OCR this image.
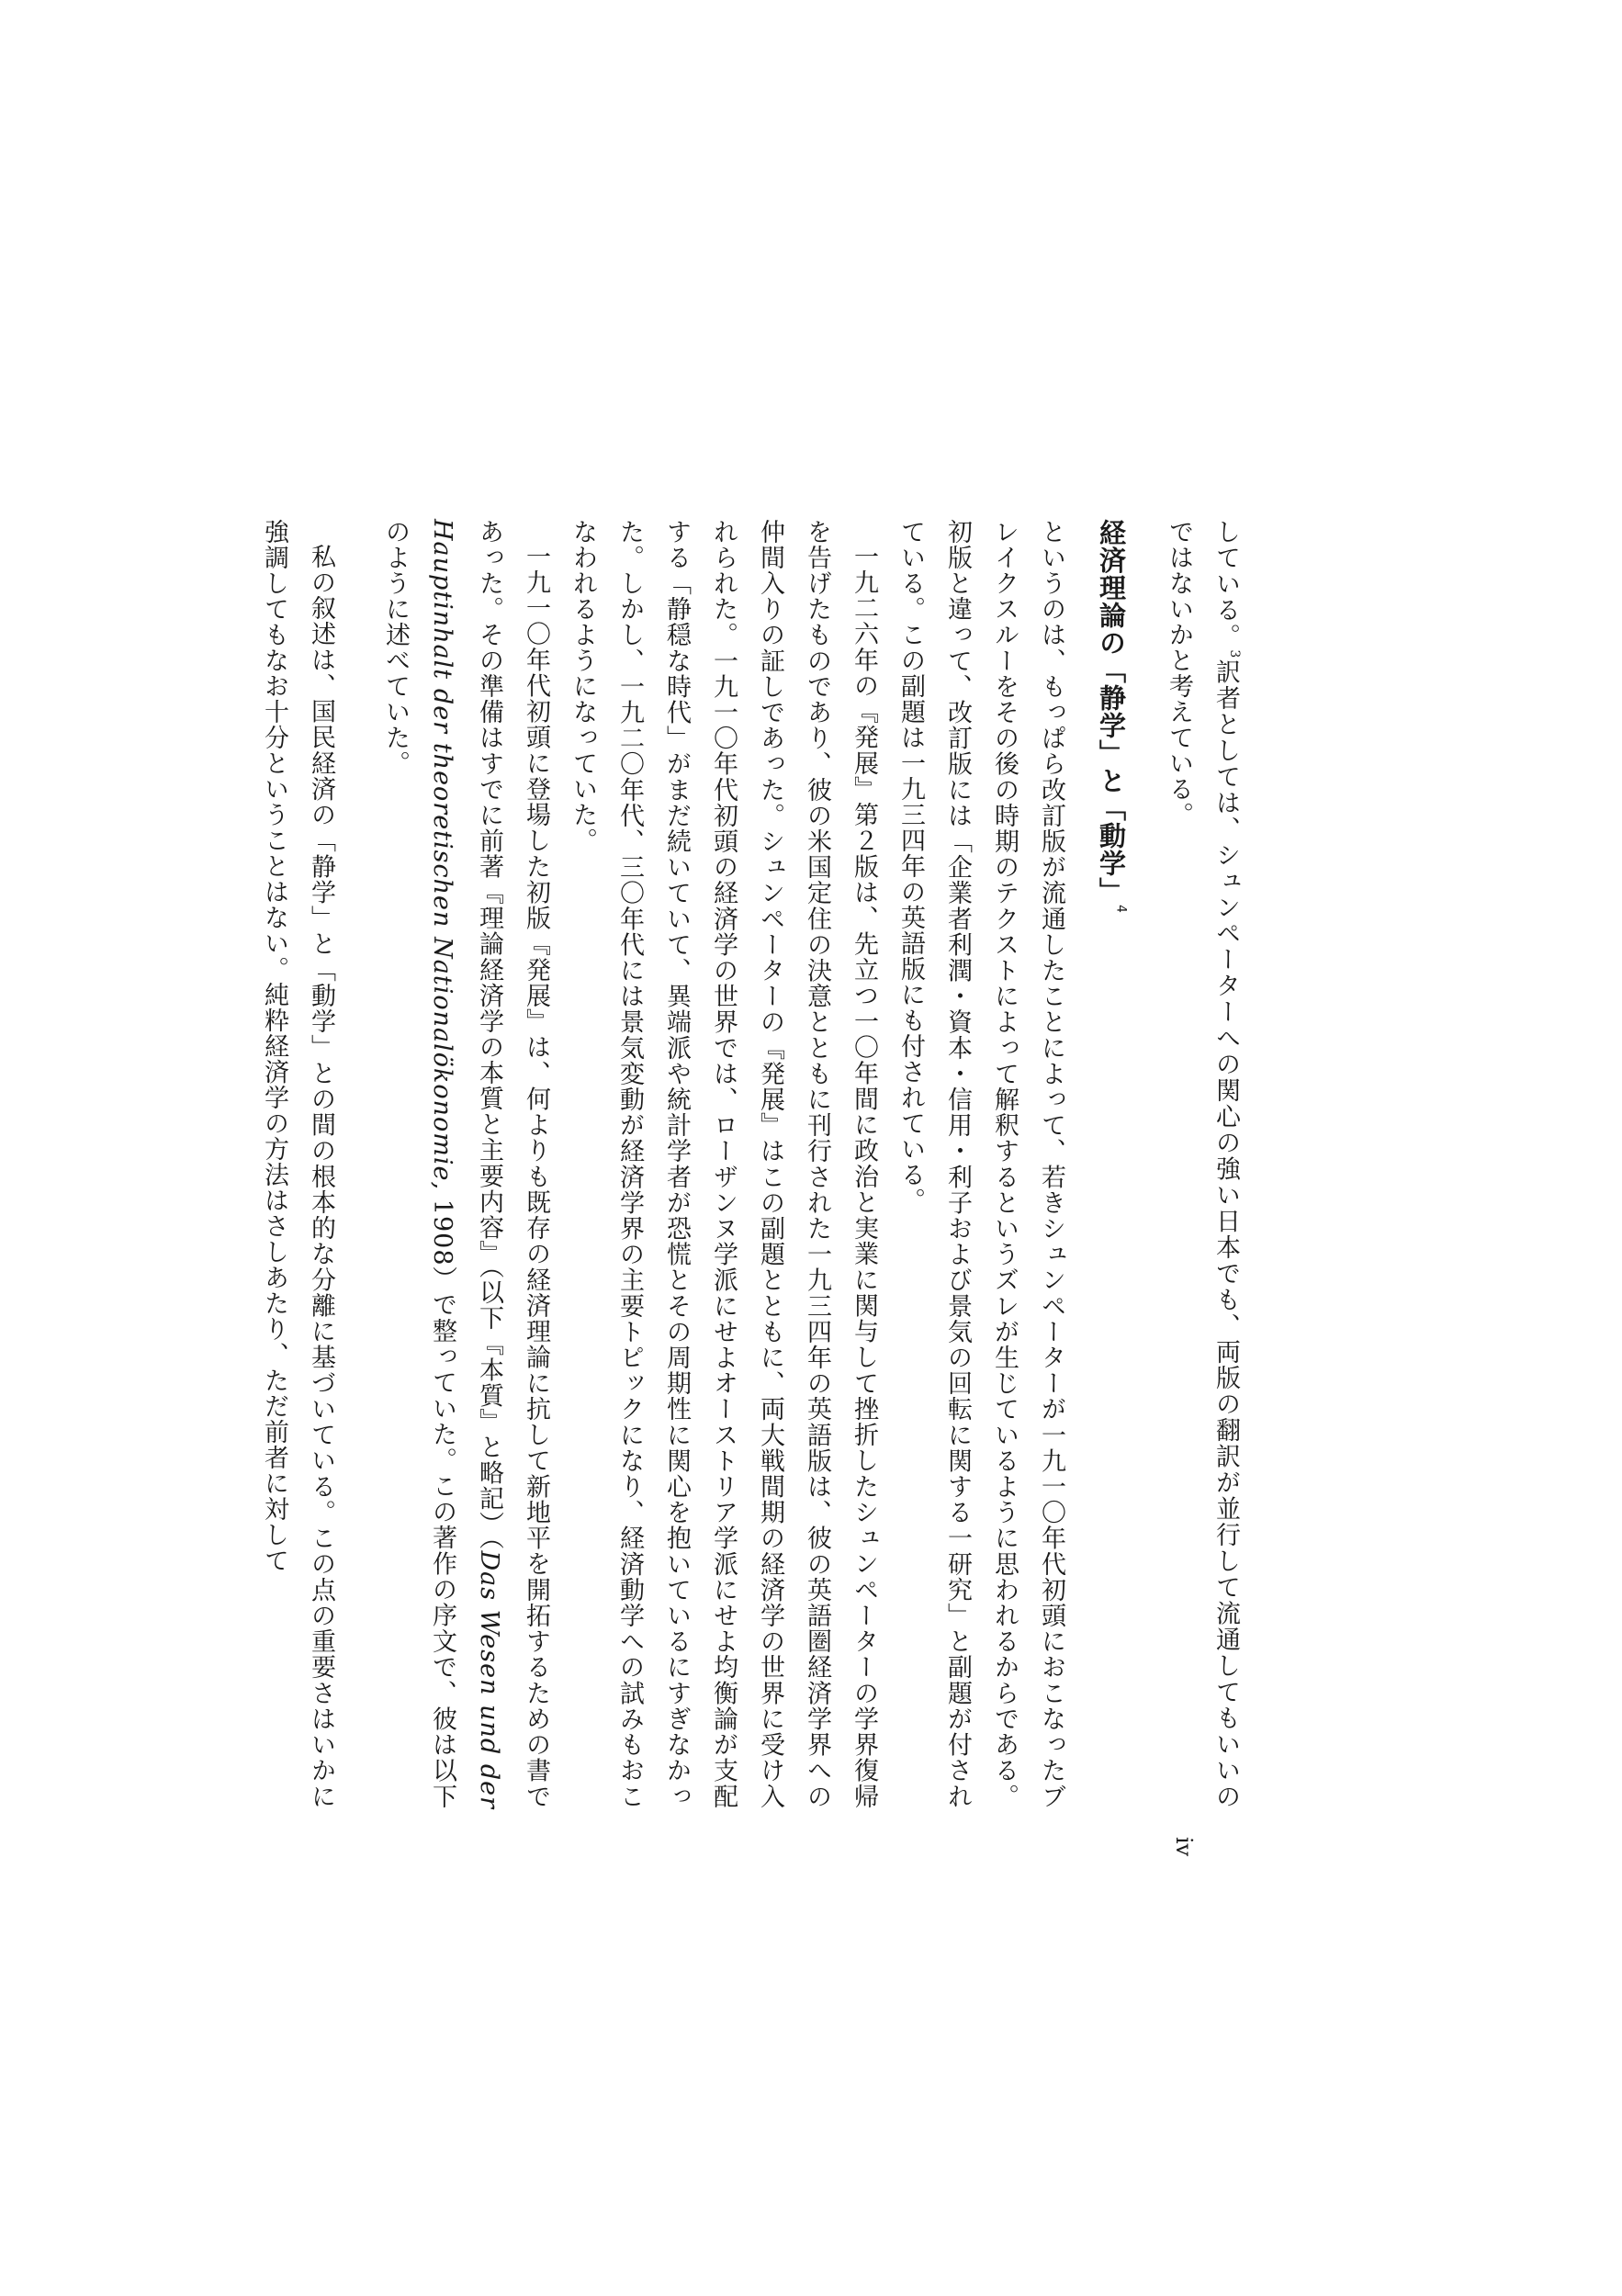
している。$^3$訳者としては、シュンペーターへの関心の強い日本でも、両版の翻訳が並行して流通してもいいのではないかと考えている。

経済理論の「静学」と「動学」$^4$

というのは、もっぱら改訂版が流通したことによって、若きシュンペーターが一九一〇年代初頭におこなったブレイクスルーをその後の時期のテクストによって解釈するというズレが生じているように思われるからである。初版と違って、改訂版には「企業者利潤・資本・信用・利子および景気の回転に関する一研究」と副題が付されている。この副題は一九三四年の英語版にも付されている。

一九二六年の『発展』第２版は、先立つ一〇年間に政治と実業に関与して挫折したシュンペーターの学界復帰を告げたものであり、彼の米国定住の決意とともに刊行された一九三四年の英語版は、彼の英語圏経済学界への仲間入りの証しであった。シュンペーターの『発展』はこの副題とともに、両大戦間期の経済学の世界に受け入れられた。一九一〇年代初頭の経済学の世界では、ローザンヌ学派にせよオーストリア学派にせよ均衡論が支配する「静穏な時代」がまだ続いていて、異端派や統計学者が恐慌とその周期性に関心を抱いているにすぎなかった。しかし、一九二〇年代、三〇年代には景気変動が経済学界の主要トピックになり、経済動学への試みもおこなわれるようになっていた。

一九一〇年代初頭に登場した初版『発展』は、何よりも既存の経済理論に抗して新地平を開拓するための書であった。その準備はすでに前著『理論経済学の本質と主要内容』（以下『本質』と略記）（Das Wesen und der Hauptinhalt der theoretischen Nationalökonomie, 1908）で整っていた。この著作の序文で、彼は以下のように述べていた。

私の叙述は、国民経済の「静学」と「動学」との間の根本的な分離に基づいている。この点の重要さはいかに強調してもなお十分ということはない。純粋経済学の方法はさしあたり、ただ前者に対して

iv
